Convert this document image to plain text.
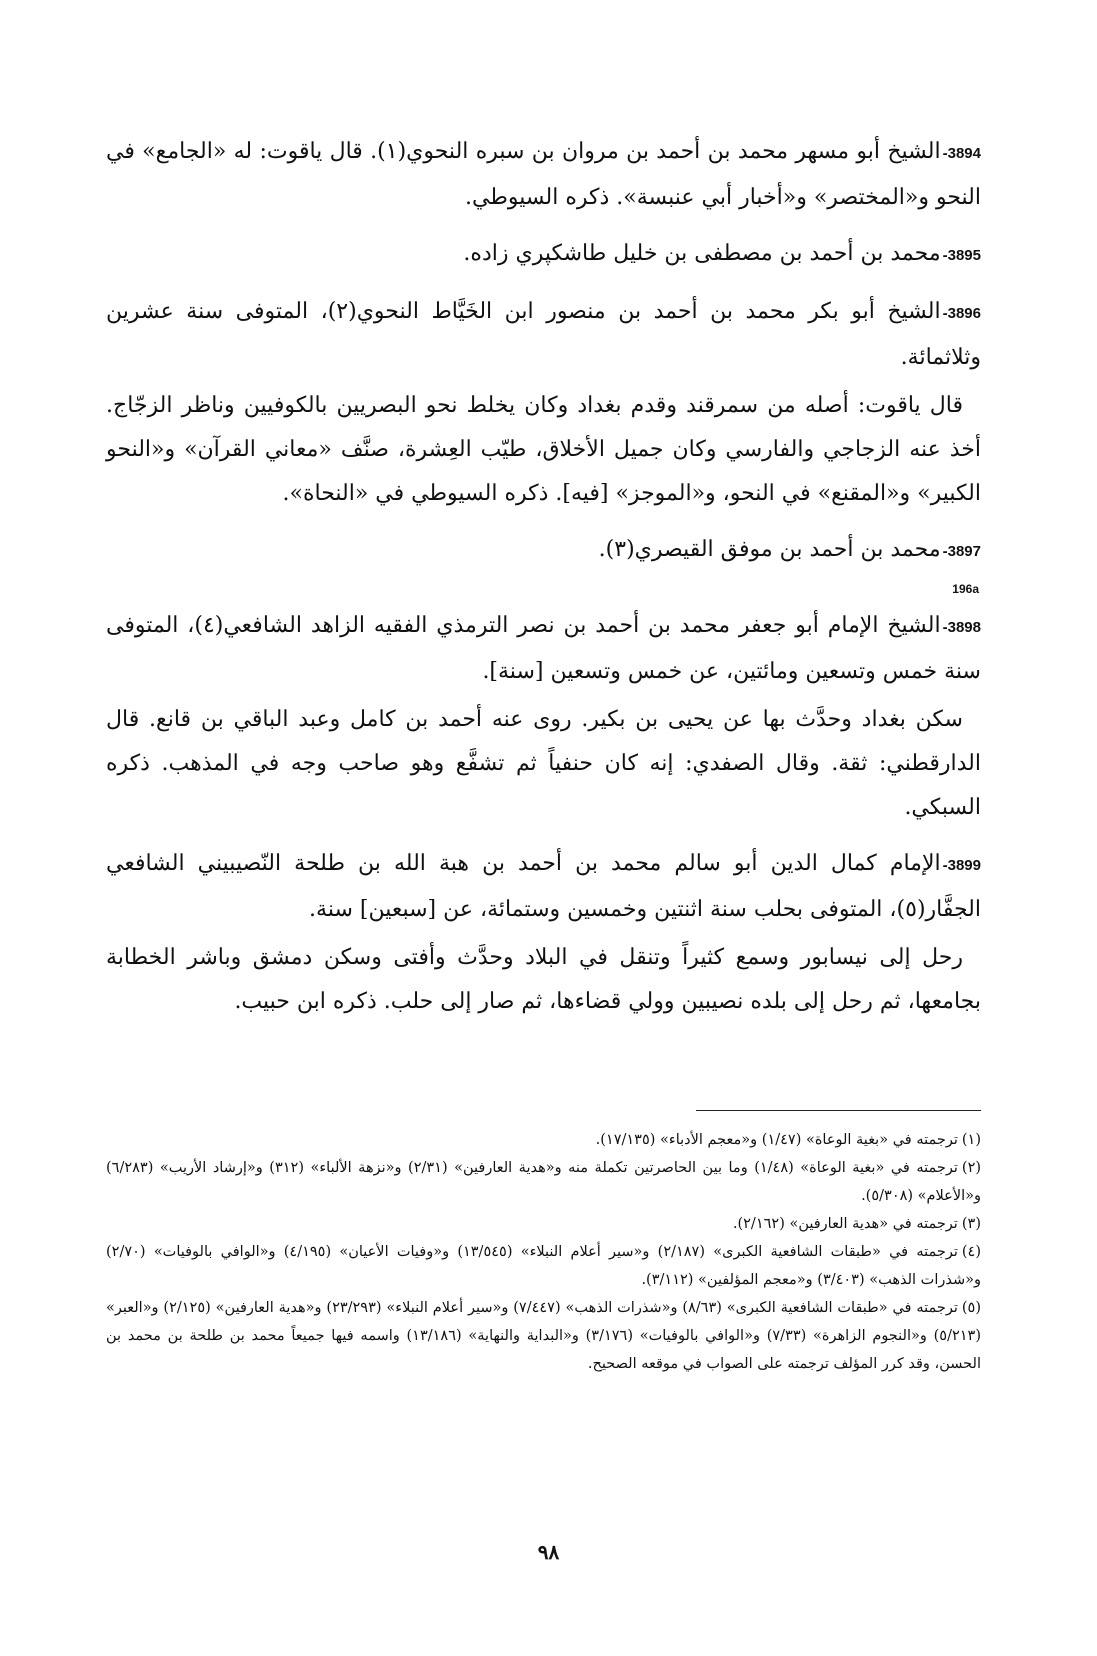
3894-الشيخ أبو مسهر محمد بن أحمد بن مروان بن سبره النحوي(١). قال ياقوت: له «الجامع» في النحو و«المختصر» و«أخبار أبي عنبسة». ذكره السيوطي.

3895-محمد بن أحمد بن مصطفى بن خليل طاشكپري زاده.

3896-الشيخ أبو بكر محمد بن أحمد بن منصور ابن الخَيَّاط النحوي(٢)، المتوفى سنة عشرين وثلاثمائة.
قال ياقوت: أصله من سمرقند وقدم بغداد وكان يخلط نحو البصريين بالكوفيين وناظر الزجّاج. أخذ عنه الزجاجي والفارسي وكان جميل الأخلاق، طيّب العِشرة، صنَّف «معاني القرآن» و«النحو الكبير» و«المقنع» في النحو، و«الموجز» [فيه]. ذكره السيوطي في «النحاة».

3897-محمد بن أحمد بن موفق القيصري(٣).

196a

3898-الشيخ الإمام أبو جعفر محمد بن أحمد بن نصر الترمذي الفقيه الزاهد الشافعي(٤)، المتوفى سنة خمس وتسعين ومائتين، عن خمس وتسعين [سنة].
سكن بغداد وحدَّث بها عن يحيى بن بكير. روى عنه أحمد بن كامل وعبد الباقي بن قانع. قال الدارقطني: ثقة. وقال الصفدي: إنه كان حنفياً ثم تشفَّع وهو صاحب وجه في المذهب. ذكره السبكي.

3899-الإمام كمال الدين أبو سالم محمد بن أحمد بن هبة الله بن طلحة النّصيبيني الشافعي الجفَّار(٥)، المتوفى بحلب سنة اثنتين وخمسين وستمائة، عن [سبعين] سنة.
رحل إلى نيسابور وسمع كثيراً وتنقل في البلاد وحدَّث وأفتى وسكن دمشق وباشر الخطابة بجامعها، ثم رحل إلى بلده نصيبين وولي قضاءها، ثم صار إلى حلب. ذكره ابن حبيب.

(١)ترجمته في «بغية الوعاة» (١/٤٧) و«معجم الأدباء» (١٧/١٣٥).

(٢)ترجمته في «بغية الوعاة» (١/٤٨) وما بين الحاصرتين تكملة منه و«هدية العارفين» (٢/٣١) و«نزهة الألباء» (٣١٢) و«إرشاد الأريب» (٦/٢٨٣) و«الأعلام» (٥/٣٠٨).

(٣)ترجمته في «هدية العارفين» (٢/١٦٢).

(٤)ترجمته في «طبقات الشافعية الكبرى» (٢/١٨٧) و«سير أعلام النبلاء» (١٣/٥٤٥) و«وفيات الأعيان» (٤/١٩٥) و«الوافي بالوفيات» (٢/٧٠) و«شذرات الذهب» (٣/٤٠٣) و«معجم المؤلفين» (٣/١١٢).

(٥)ترجمته في «طبقات الشافعية الكبرى» (٨/٦٣) و«شذرات الذهب» (٧/٤٤٧) و«سير أعلام النبلاء» (٢٣/٢٩٣) و«هدية العارفين» (٢/١٢٥) و«العبر» (٥/٢١٣) و«النجوم الزاهرة» (٧/٣٣) و«الوافي بالوفيات» (٣/١٧٦) و«البداية والنهاية» (١٣/١٨٦) واسمه فيها جميعاً محمد بن طلحة بن محمد بن الحسن، وقد كرر المؤلف ترجمته على الصواب في موقعه الصحيح.

٩٨
